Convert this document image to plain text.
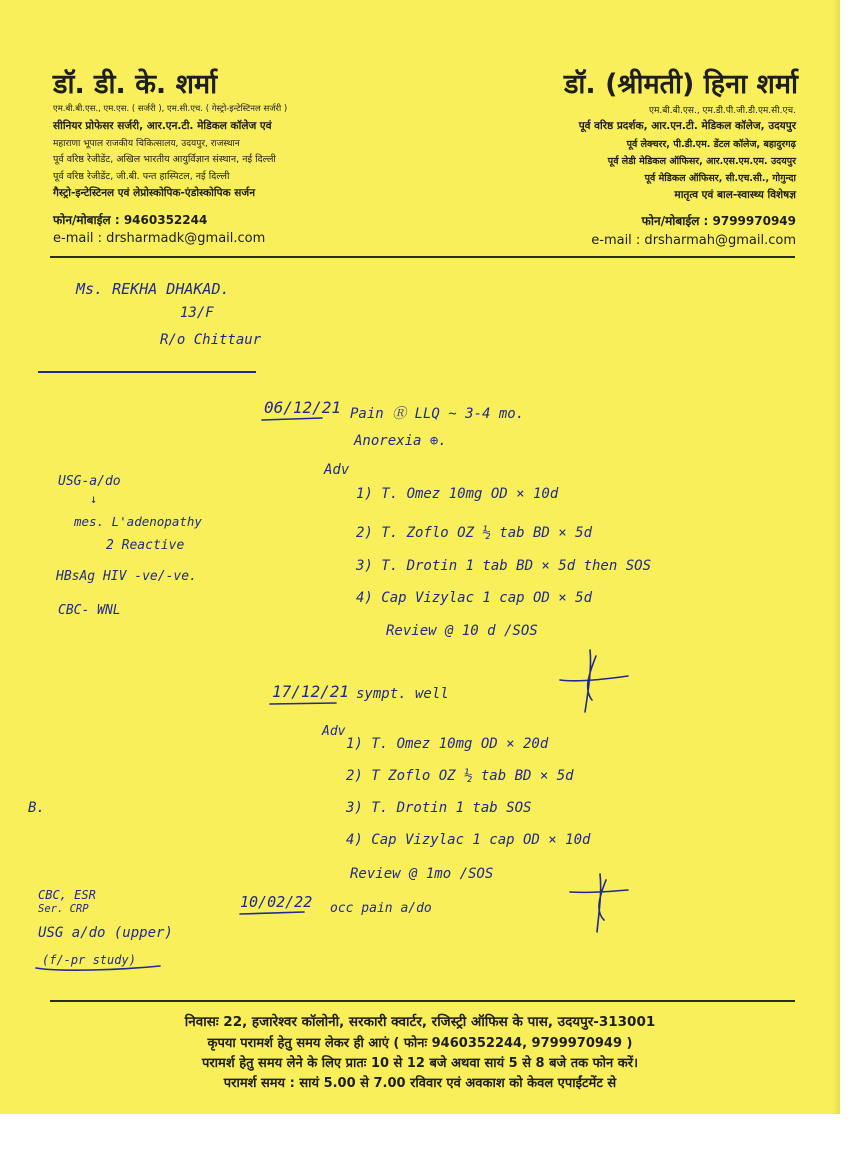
डॉ. डी. के. शर्मा
एम.बी.बी.एस., एम.एस. ( सर्जरी ), एम.सी.एच. ( गेस्ट्रो-इन्टेस्टिनल सर्जरी )
सीनियर प्रोफेसर सर्जरी, आर.एन.टी. मेडिकल कॉलेज एवं
महाराणा भूपाल राजकीय चिकित्सालय, उदयपुर, राजस्थान
पूर्व वरिष्ठ रेजीडेंट, अखिल भारतीय आयुर्विज्ञान संस्थान, नई दिल्ली
पूर्व वरिष्ठ रेजीडेंट, जी.बी. पन्त हास्पिटल, नई दिल्ली
गैस्ट्रो-इन्टेस्टिनल एवं लेप्रोस्कोपिक-एंडोस्कोपिक सर्जन
फोन/मोबाईल : 9460352244
e-mail : drsharmadk@gmail.com
डॉ. (श्रीमती) हिना शर्मा
एम.बी.बी.एस., एम.डी.पी.जी.डी.एम.सी.एच.
पूर्व वरिष्ठ प्रदर्शक, आर.एन.टी. मेडिकल कॉलेज, उदयपुर
पूर्व लेक्चरर, पी.डी.एम. डेंटल कॉलेज, बहादुरगढ़
पूर्व लेडी मेडिकल ऑफिसर, आर.एस.एम.एम. उदयपुर
पूर्व मेडिकल ऑफिसर, सी.एच.सी., गोगुन्दा
मातृत्व एवं बाल-स्वास्थ्य विशेषज्ञ
फोन/मोबाईल : 9799970949
e-mail : drsharmah@gmail.com
Ms. REKHA DHAKAD.
13/F
R/o Chittaur
06/12/21 Pain Ⓡ LLQ ~ 3-4 mo.
Anorexia ⊕.
Adv
1) T. Omez 10mg OD × 10d
2) T. Zoflo OZ ½ tab BD × 5d
3) T. Drotin 1 tab BD × 5d then SOS
4) Cap Vizylac 1 cap OD × 5d
Review @ 10 d /SOS
USG-a/do
↓
mes. L'adenopathy
2 Reactive
HBsAg HIV -ve/-ve.
CBC- WNL
17/12/21 sympt. well
Adv
1) T. Omez 10mg OD × 20d
2) T Zoflo OZ ½ tab BD × 5d
3) T. Drotin 1 tab SOS
4) Cap Vizylac 1 cap OD × 10d
Review @ 1mo /SOS
B.
CBC, ESR
Ser. CRP
USG a/do (upper)
(f/-pr study)
10/02/22 occ pain a/do
निवासः 22, हजारेश्वर कॉलोनी, सरकारी क्वार्टर, रजिस्ट्री ऑफिस के पास, उदयपुर-313001
कृपया परामर्श हेतु समय लेकर ही आएं ( फोनः 9460352244, 9799970949 )
परामर्श हेतु समय लेने के लिए प्रातः 10 से 12 बजे अथवा सायं 5 से 8 बजे तक फोन करें।
परामर्श समय : सायं 5.00 से 7.00 रविवार एवं अवकाश को केवल एपाईंटमेंट से
